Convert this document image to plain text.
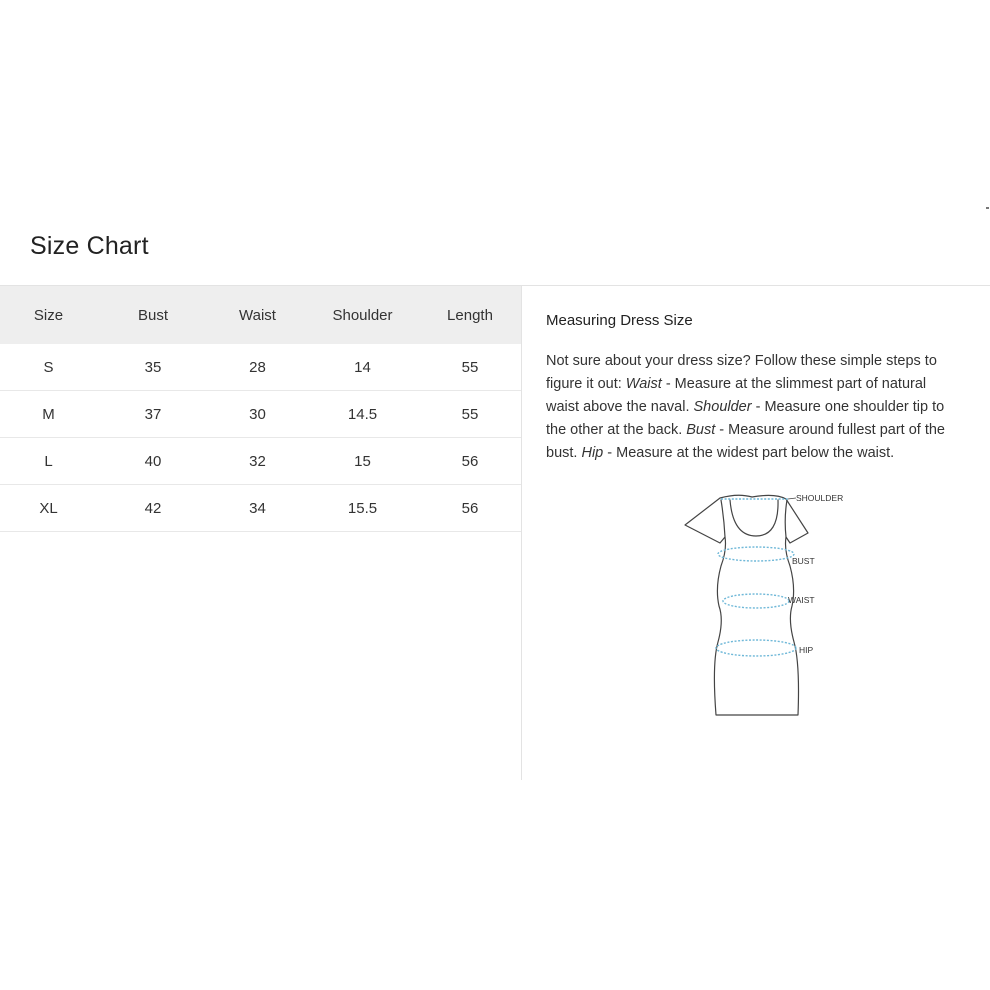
Size Chart
Size	Bust	Waist	Shoulder	Length
S	35	28	14	55
M	37	30	14.5	55
L	40	32	15	56
XL	42	34	15.5	56

Measuring Dress Size

Not sure about your dress size? Follow these simple steps to figure it out: Waist - Measure at the slimmest part of natural waist above the naval. Shoulder - Measure one shoulder tip to the other at the back. Bust - Measure around fullest part of the bust. Hip - Measure at the widest part below the waist.

SHOULDER
BUST
WAIST
HIP
